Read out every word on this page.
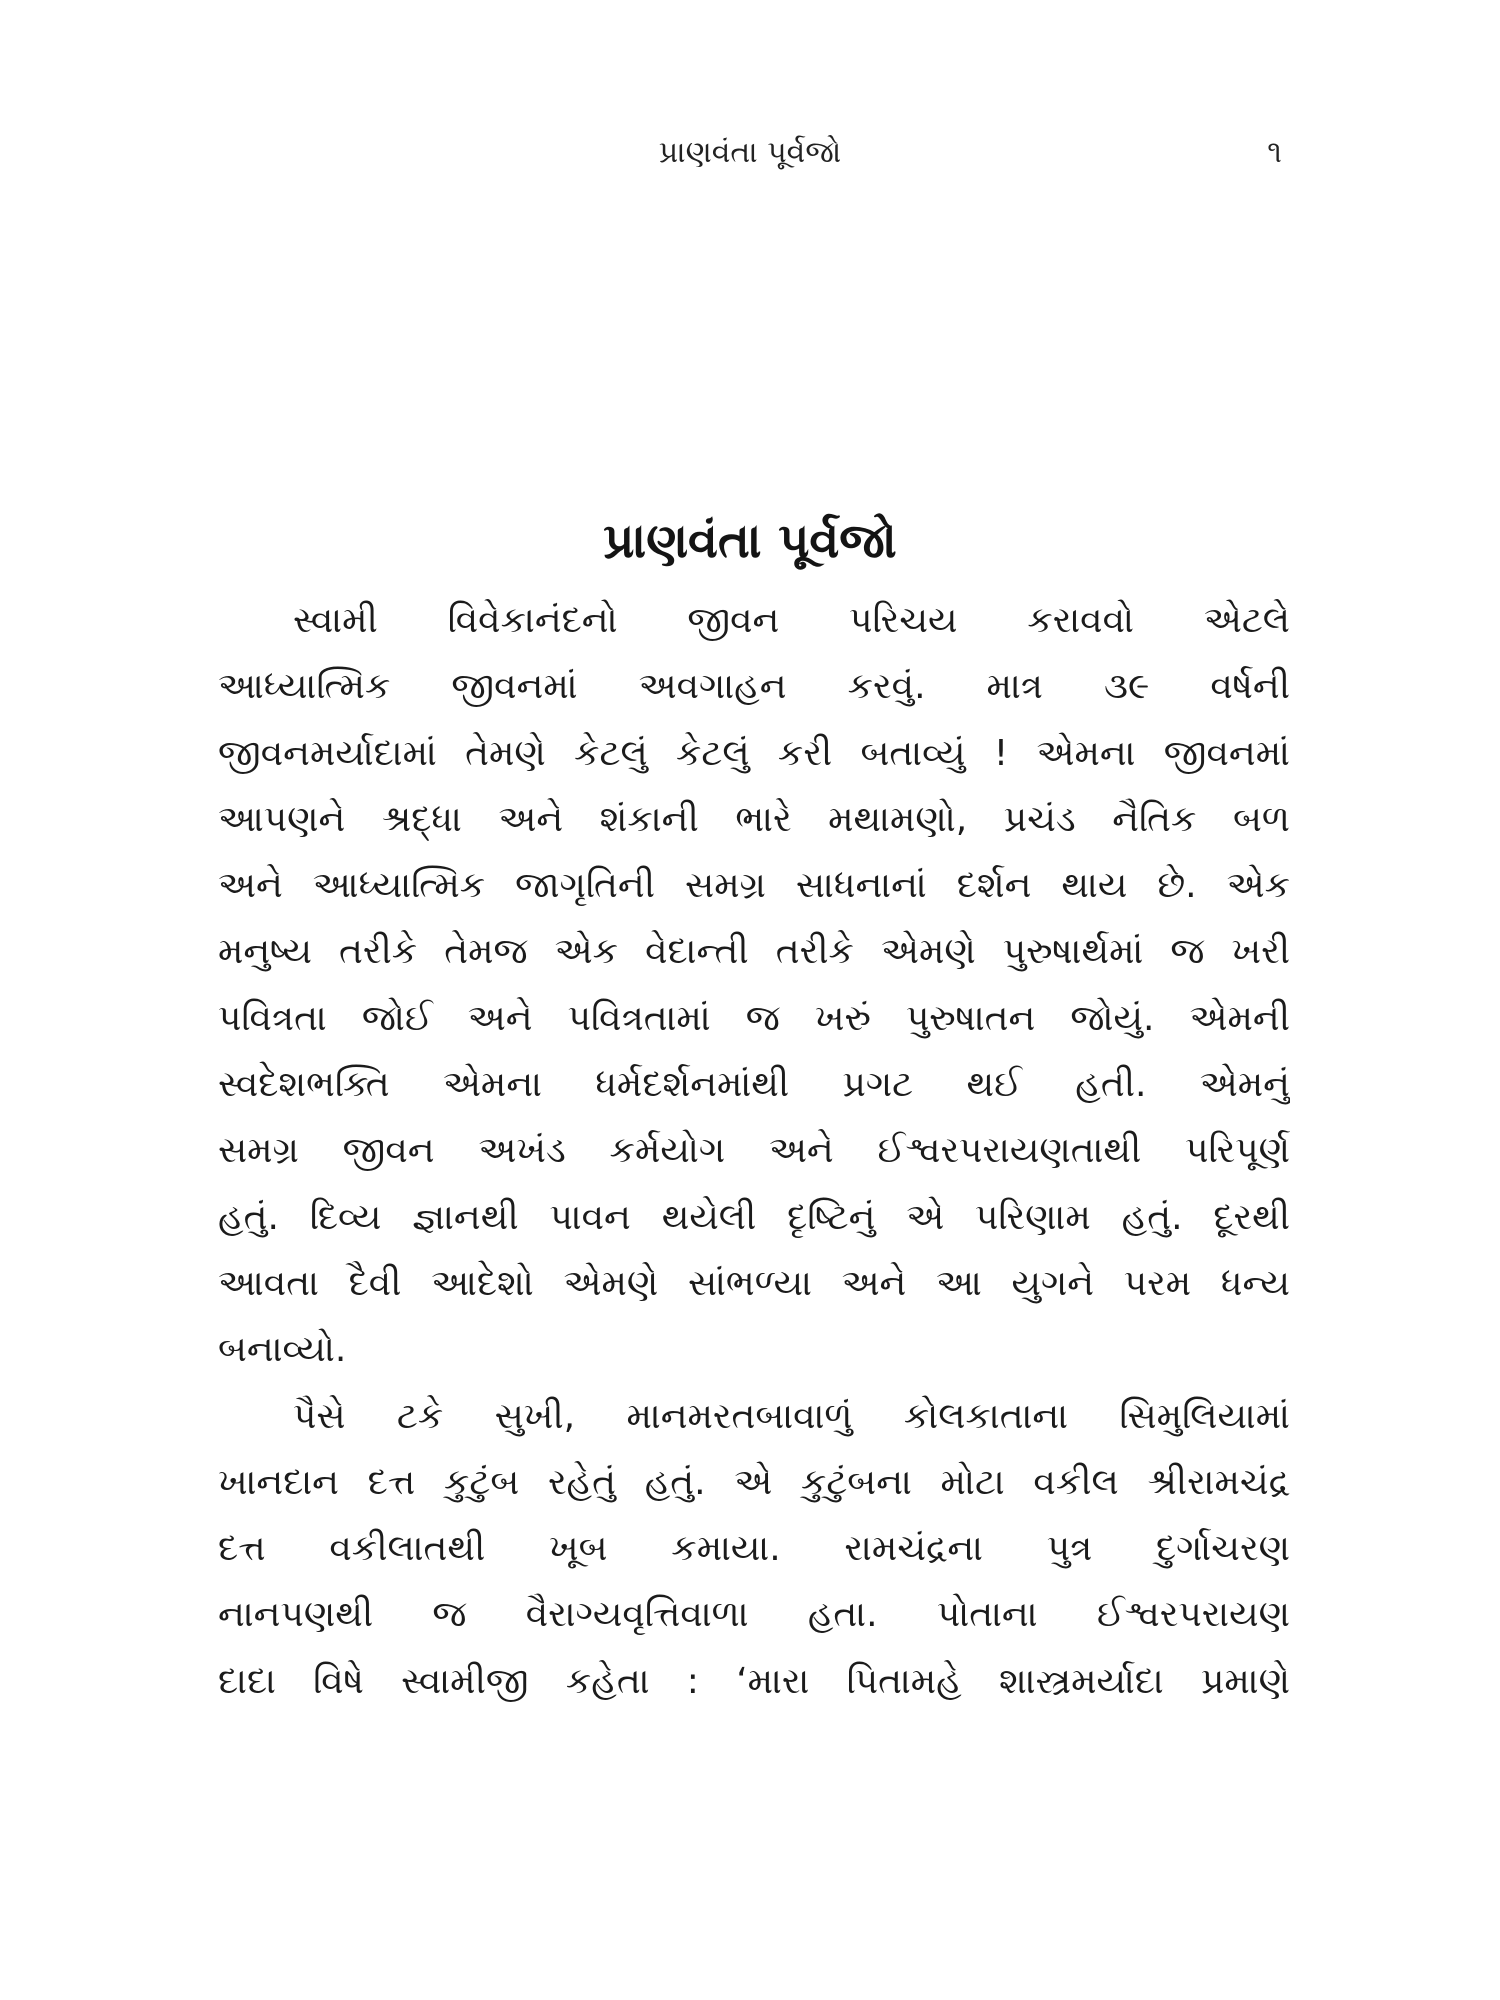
પ્રાણવંતા પૂર્વજો	૧
પ્રાણવંતા પૂર્વજો
સ્વામી વિવેકાનંદનો જીવન પરિચય કરાવવો એટલે
આધ્યાત્મિક જીવનમાં અવગાહન કરવું. માત્ર ૩૯ વર્ષની
જીવનમર્યાદામાં તેમણે કેટલું કેટલું કરી બતાવ્યું ! એમના જીવનમાં
આપણને શ્રદ્ધા અને શંકાની ભારે મથામણો, પ્રચંડ નૈતિક બળ
અને આધ્યાત્મિક જાગૃતિની સમગ્ર સાધનાનાં દર્શન થાય છે. એક
મનુષ્ય તરીકે તેમજ એક વેદાન્તી તરીકે એમણે પુરુષાર્થમાં જ ખરી
પવિત્રતા જોઈ અને પવિત્રતામાં જ ખરું પુરુષાતન જોયું. એમની
સ્વદેશભક્તિ એમના ધર્મદર્શનમાંથી પ્રગટ થઈ હતી. એમનું
સમગ્ર જીવન અખંડ કર્મયોગ અને ઈશ્વરપરાયણતાથી પરિપૂર્ણ
હતું. દિવ્ય જ્ઞાનથી પાવન થયેલી દૃષ્ટિનું એ પરિણામ હતું. દૂરથી
આવતા દૈવી આદેશો એમણે સાંભળ્યા અને આ યુગને પરમ ધન્ય
બનાવ્યો.
પૈસે ટકે સુખી, માનમરતબાવાળું કોલકાતાના સિમુલિયામાં
ખાનદાન દત્ત કુટુંબ રહેતું હતું. એ કુટુંબના મોટા વકીલ શ્રીરામચંદ્ર
દત્ત વકીલાતથી ખૂબ કમાયા. રામચંદ્રના પુત્ર દુર્ગાચરણ
નાનપણથી જ વૈરાગ્યવૃત્તિવાળા હતા. પોતાના ઈશ્વરપરાયણ
દાદા વિષે સ્વામીજી કહેતા : ‘મારા પિતામહે શાસ્ત્રમર્યાદા પ્રમાણે
